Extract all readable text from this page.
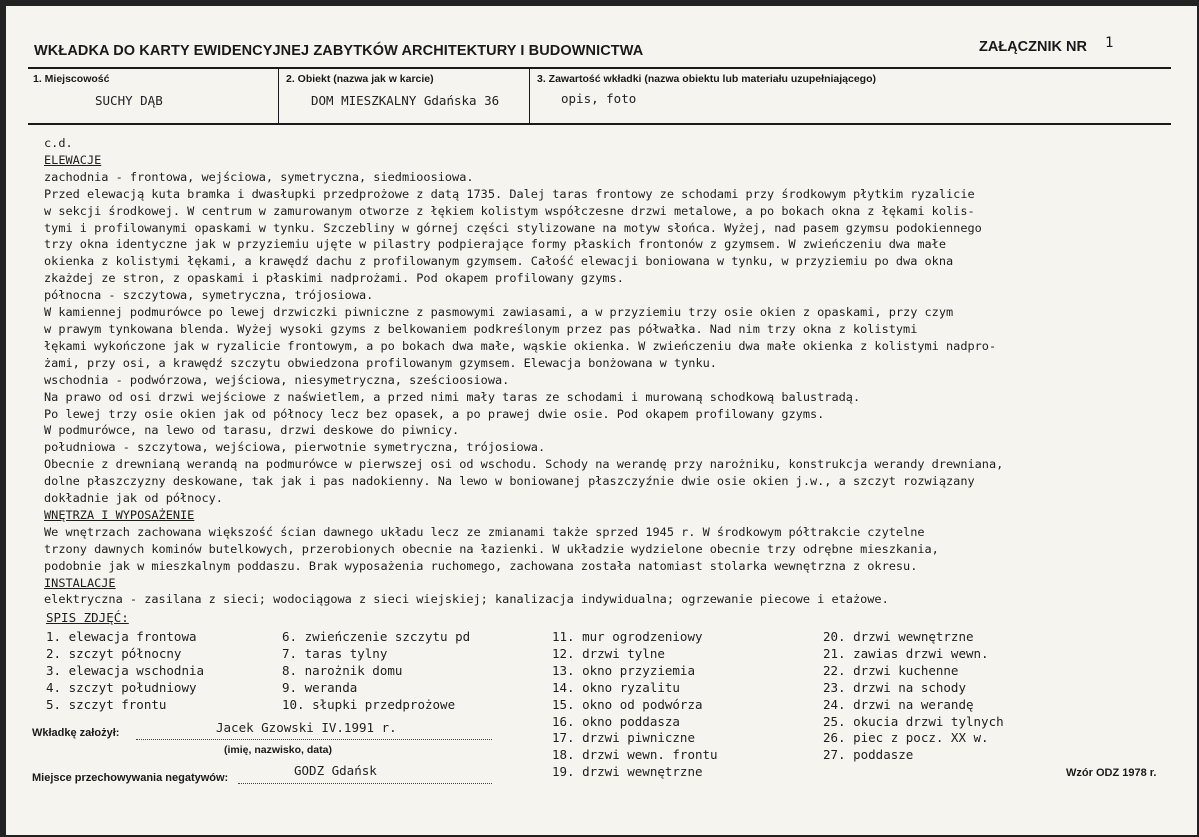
WKŁADKA DO KARTY EWIDENCYJNEJ ZABYTKÓW ARCHITEKTURY I BUDOWNICTWA	ZAŁĄCZNIK NR 1
1. Miejscowość
SUCHY DĄB
2. Obiekt (nazwa jak w karcie)
DOM MIESZKALNY Gdańska 36
3. Zawartość wkładki (nazwa obiektu lub materiału uzupełniającego)
opis, foto
c.d.
ELEWACJE
zachodnia - frontowa, wejściowa, symetryczna, siedmioosiowa.
Przed elewacją kuta bramka i dwasłupki przedprożowe z datą 1735. Dalej taras frontowy ze schodami przy środkowym płytkim ryzalicie
w sekcji środkowej. W centrum w zamurowanym otworze z łękiem kolistym współczesne drzwi metalowe, a po bokach okna z łękami kolis-
tymi i profilowanymi opaskami w tynku. Szczebliny w górnej części stylizowane na motyw słońca. Wyżej, nad pasem gzymsu podokiennego
trzy okna identyczne jak w przyziemiu ujęte w pilastry podpierające formy płaskich frontonów z gzymsem. W zwieńczeniu dwa małe
okienka z kolistymi łękami, a krawędź dachu z profilowanym gzymsem. Całość elewacji boniowana w tynku, w przyziemiu po dwa okna
zkażdej ze stron, z opaskami i płaskimi nadprożami. Pod okapem profilowany gzyms.
północna - szczytowa, symetryczna, trójosiowa.
W kamiennej podmurówce po lewej drzwiczki piwniczne z pasmowymi zawiasami, a w przyziemiu trzy osie okien z opaskami, przy czym
w prawym tynkowana blenda. Wyżej wysoki gzyms z belkowaniem podkreślonym przez pas półwałka. Nad nim trzy okna z kolistymi
łękami wykończone jak w ryzalicie frontowym, a po bokach dwa małe, wąskie okienka. W zwieńczeniu dwa małe okienka z kolistymi nadpro-
żami, przy osi, a krawędź szczytu obwiedzona profilowanym gzymsem. Elewacja bonżowana w tynku.
wschodnia - podwórzowa, wejściowa, niesymetryczna, sześcioosiowa.
Na prawo od osi drzwi wejściowe z naświetlem, a przed nimi mały taras ze schodami i murowaną schodkową balustradą.
Po lewej trzy osie okien jak od północy lecz bez opasek, a po prawej dwie osie. Pod okapem profilowany gzyms.
W podmurówce, na lewo od tarasu, drzwi deskowe do piwnicy.
południowa - szczytowa, wejściowa, pierwotnie symetryczna, trójosiowa.
Obecnie z drewnianą werandą na podmurówce w pierwszej osi od wschodu. Schody na werandę przy narożniku, konstrukcja werandy drewniana,
dolne płaszczyzny deskowane, tak jak i pas nadokienny. Na lewo w boniowanej płaszczyźnie dwie osie okien j.w., a szczyt rozwiązany
dokładnie jak od północy.
WNĘTRZA I WYPOSAŻENIE
We wnętrzach zachowana większość ścian dawnego układu lecz ze zmianami także sprzed 1945 r. W środkowym półtrakcie czytelne
trzony dawnych kominów butelkowych, przerobionych obecnie na łazienki. W układzie wydzielone obecnie trzy odrębne mieszkania,
podobnie jak w mieszkalnym poddaszu. Brak wyposażenia ruchomego, zachowana została natomiast stolarka wewnętrzna z okresu.
INSTALACJE
elektryczna - zasilana z sieci; wodociągowa z sieci wiejskiej; kanalizacja indywidualna; ogrzewanie piecowe i etażowe.
SPIS ZDJĘĆ:
1. elewacja frontowa
2. szczyt północny
3. elewacja wschodnia
4. szczyt południowy
5. szczyt frontu
6. zwieńczenie szczytu pd
7. taras tylny
8. narożnik domu
9. weranda
10. słupki przedprożowe
11. mur ogrodzeniowy
12. drzwi tylne
13. okno przyziemia
14. okno ryzalitu
15. okno od podwórza
16. okno poddasza
17. drzwi piwniczne
18. drzwi wewn. frontu
19. drzwi wewnętrzne
20. drzwi wewnętrzne
21. zawias drzwi wewn.
22. drzwi kuchenne
23. drzwi na schody
24. drzwi na werandę
25. okucia drzwi tylnych
26. piec z pocz. XX w.
27. poddasze
Wkładkę założył:	Jacek Gzowski IV.1991 r.
(imię, nazwisko, data)
Miejsce przechowywania negatywów:	GODZ Gdańsk	Wzór ODZ 1978 r.
